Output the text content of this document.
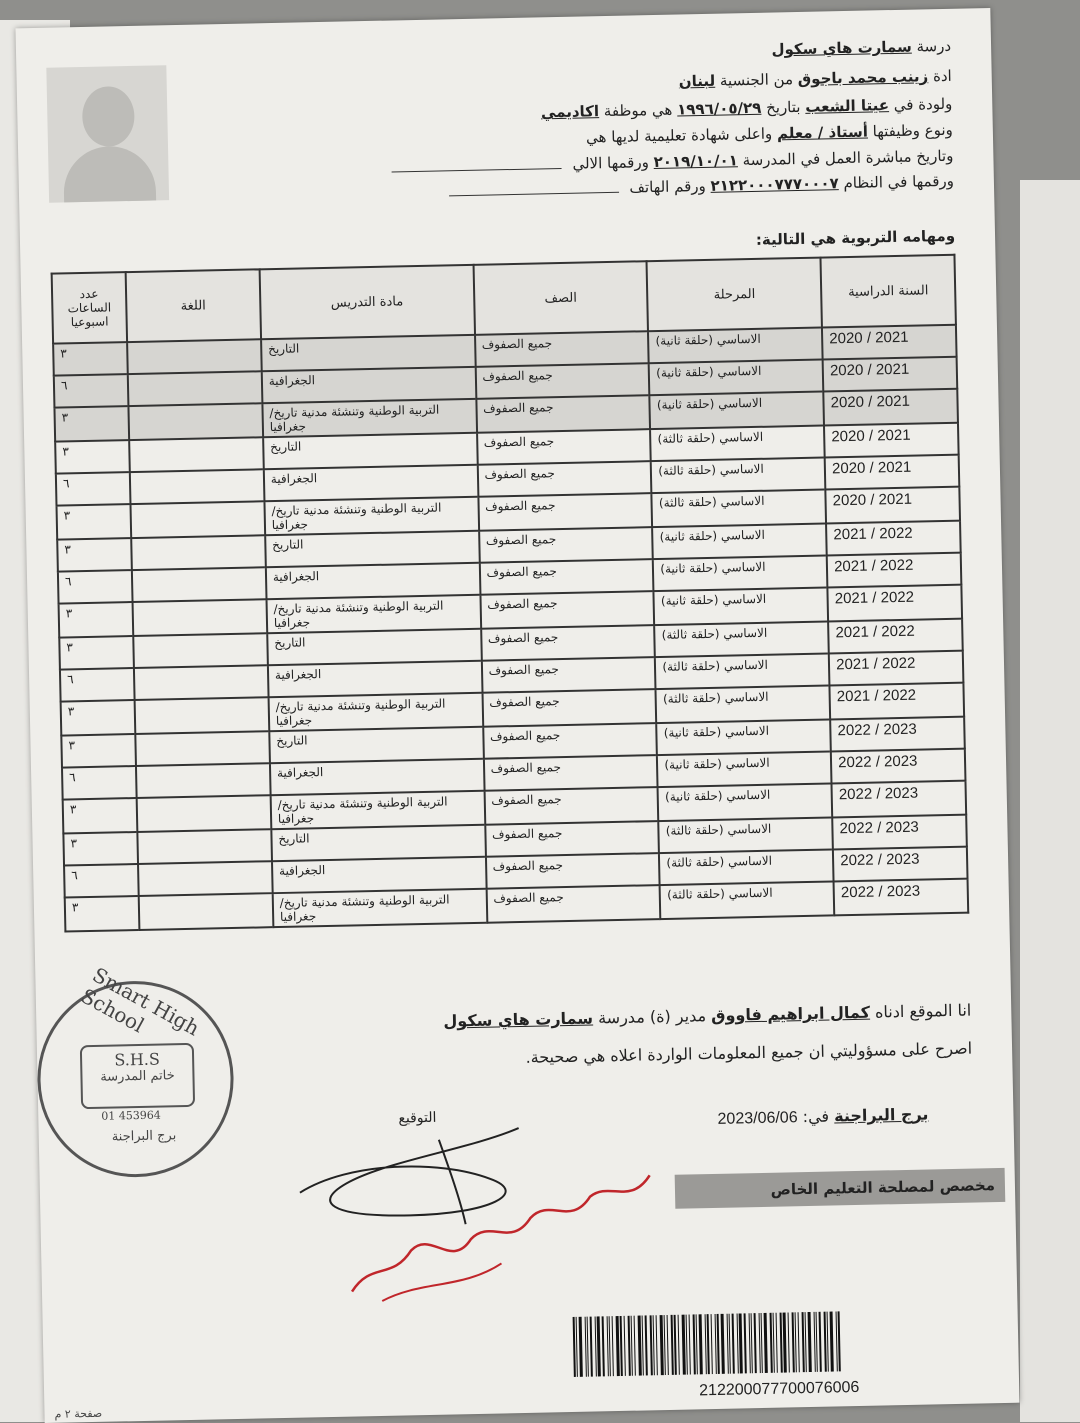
درسة سمارت هاي سكول
ادة زينب محمد باجوق من الجنسية لبنان
ولودة في عيتا الشعب بتاريخ ١٩٩٦/٠٥/٢٩ هي موظفة اكاديمي
ونوع وظيفتها أستاذ / معلم واعلى شهادة تعليمية لديها هي
وتاريخ مباشرة العمل في المدرسة ٢٠١٩/١٠/٠١ ورقمها الالي
ورقمها في النظام ٢١٢٢٠٠٠٧٧٧٠٠٠٧ ورقم الهاتف
ومهامه التربوية هي التالية:
السنة الدراسية	المرحلة	الصف	مادة التدريس	اللغة	عدد الساعات اسبوعيا
2020 / 2021	الاساسي (حلقة ثانية)	جميع الصفوف	التاريخ		٣
2020 / 2021	الاساسي (حلقة ثانية)	جميع الصفوف	الجغرافية		٦
2020 / 2021	الاساسي (حلقة ثانية)	جميع الصفوف	التربية الوطنية وتنشئة مدنية تاريخ/ جغرافيا		٣
2020 / 2021	الاساسي (حلقة ثالثة)	جميع الصفوف	التاريخ		٣
2020 / 2021	الاساسي (حلقة ثالثة)	جميع الصفوف	الجغرافية		٦
2020 / 2021	الاساسي (حلقة ثالثة)	جميع الصفوف	التربية الوطنية وتنشئة مدنية تاريخ/ جغرافيا		٣
2021 / 2022	الاساسي (حلقة ثانية)	جميع الصفوف	التاريخ		٣
2021 / 2022	الاساسي (حلقة ثانية)	جميع الصفوف	الجغرافية		٦
2021 / 2022	الاساسي (حلقة ثانية)	جميع الصفوف	التربية الوطنية وتنشئة مدنية تاريخ/ جغرافيا		٣
2021 / 2022	الاساسي (حلقة ثالثة)	جميع الصفوف	التاريخ		٣
2021 / 2022	الاساسي (حلقة ثالثة)	جميع الصفوف	الجغرافية		٦
2021 / 2022	الاساسي (حلقة ثالثة)	جميع الصفوف	التربية الوطنية وتنشئة مدنية تاريخ/ جغرافيا		٣
2022 / 2023	الاساسي (حلقة ثانية)	جميع الصفوف	التاريخ		٣
2022 / 2023	الاساسي (حلقة ثانية)	جميع الصفوف	الجغرافية		٦
2022 / 2023	الاساسي (حلقة ثانية)	جميع الصفوف	التربية الوطنية وتنشئة مدنية تاريخ/ جغرافيا		٣
2022 / 2023	الاساسي (حلقة ثالثة)	جميع الصفوف	التاريخ		٣
2022 / 2023	الاساسي (حلقة ثالثة)	جميع الصفوف	الجغرافية		٦
2022 / 2023	الاساسي (حلقة ثالثة)	جميع الصفوف	التربية الوطنية وتنشئة مدنية تاريخ/ جغرافيا		٣
Smart High School
S.H.S
خاتم المدرسة
01 453964
برج البراجنة
انا الموقع ادناه كمال ابراهيم فاووق مدير (ة) مدرسة سمارت هاي سكول
اصرح على مسؤوليتي ان جميع المعلومات الواردة اعلاه هي صحيحة.
برج البراجنة في: 2023/06/06
التوقيع
مخصص لمصلحة التعليم الخاص
212200077700076006
صفحة ٢ م
